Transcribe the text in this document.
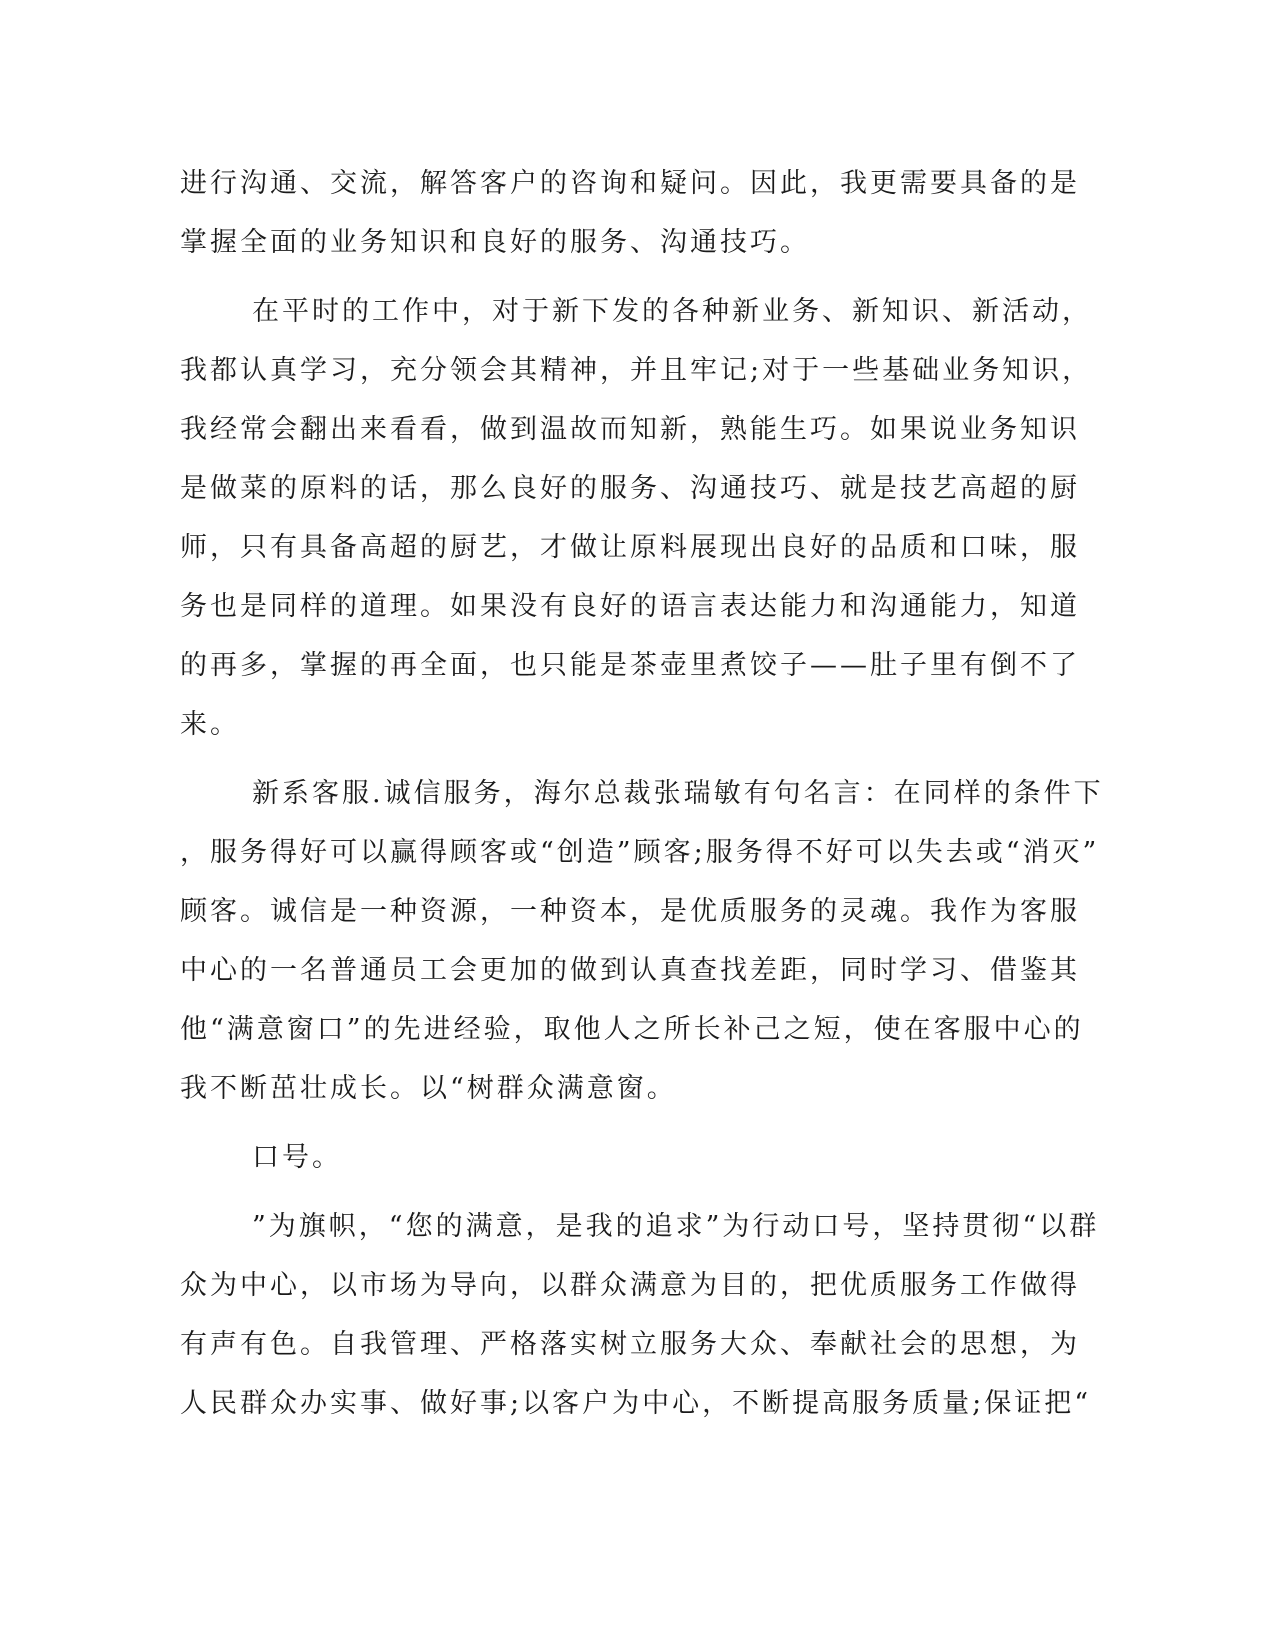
进行沟通、交流，解答客户的咨询和疑问。因此，我更需要具备的是
掌握全面的业务知识和良好的服务、沟通技巧。
在平时的工作中，对于新下发的各种新业务、新知识、新活动，
我都认真学习，充分领会其精神，并且牢记;对于一些基础业务知识，
我经常会翻出来看看，做到温故而知新，熟能生巧。如果说业务知识
是做菜的原料的话，那么良好的服务、沟通技巧、就是技艺高超的厨
师，只有具备高超的厨艺，才做让原料展现出良好的品质和口味，服
务也是同样的道理。如果没有良好的语言表达能力和沟通能力，知道
的再多，掌握的再全面，也只能是茶壶里煮饺子——肚子里有倒不了
来。
新系客服.诚信服务，海尔总裁张瑞敏有句名言：在同样的条件下
，服务得好可以赢得顾客或“创造”顾客;服务得不好可以失去或“消灭”
顾客。诚信是一种资源，一种资本，是优质服务的灵魂。我作为客服
中心的一名普通员工会更加的做到认真查找差距，同时学习、借鉴其
他“满意窗口”的先进经验，取他人之所长补己之短，使在客服中心的
我不断茁壮成长。以“树群众满意窗。
口号。
”为旗帜，“您的满意，是我的追求”为行动口号，坚持贯彻“以群
众为中心，以市场为导向，以群众满意为目的，把优质服务工作做得
有声有色。自我管理、严格落实树立服务大众、奉献社会的思想，为
人民群众办实事、做好事;以客户为中心，不断提高服务质量;保证把“
